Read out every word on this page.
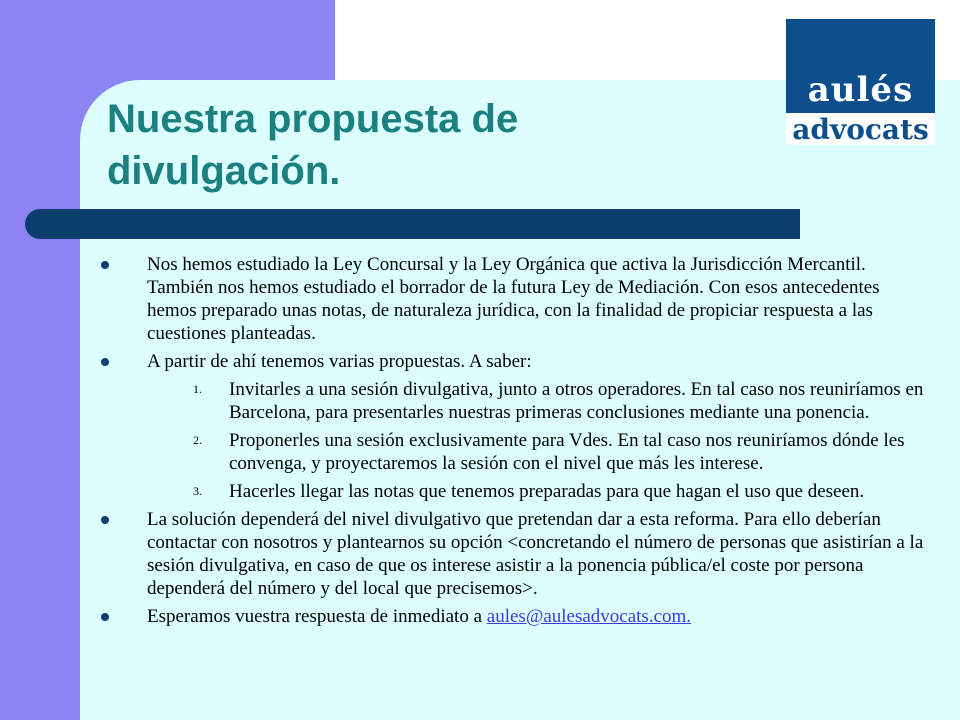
Nuestra propuesta de
divulgación.
aulés
advocats
Nos hemos estudiado la Ley Concursal y la Ley Orgánica que activa la Jurisdicción Mercantil. También nos hemos estudiado el borrador de la futura Ley de Mediación. Con esos antecedentes hemos preparado unas notas, de naturaleza jurídica, con la finalidad de propiciar respuesta a las cuestiones planteadas.
A partir de ahí tenemos varias propuestas. A saber:
1. Invitarles a una sesión divulgativa, junto a otros operadores. En tal caso nos reuniríamos en Barcelona, para presentarles nuestras primeras conclusiones mediante una ponencia.
2. Proponerles una sesión exclusivamente para Vdes. En tal caso nos reuniríamos dónde les convenga, y proyectaremos la sesión con el nivel que más les interese.
3. Hacerles llegar las notas que tenemos preparadas para que hagan el uso que deseen.
La solución dependerá del nivel divulgativo que pretendan dar a esta reforma. Para ello deberían contactar con nosotros y plantearnos su opción <concretando el número de personas que asistirían a la sesión divulgativa, en caso de que os interese asistir a la ponencia pública/el coste por persona dependerá del número y del local que precisemos>.
Esperamos vuestra respuesta de inmediato a aules@aulesadvocats.com.
